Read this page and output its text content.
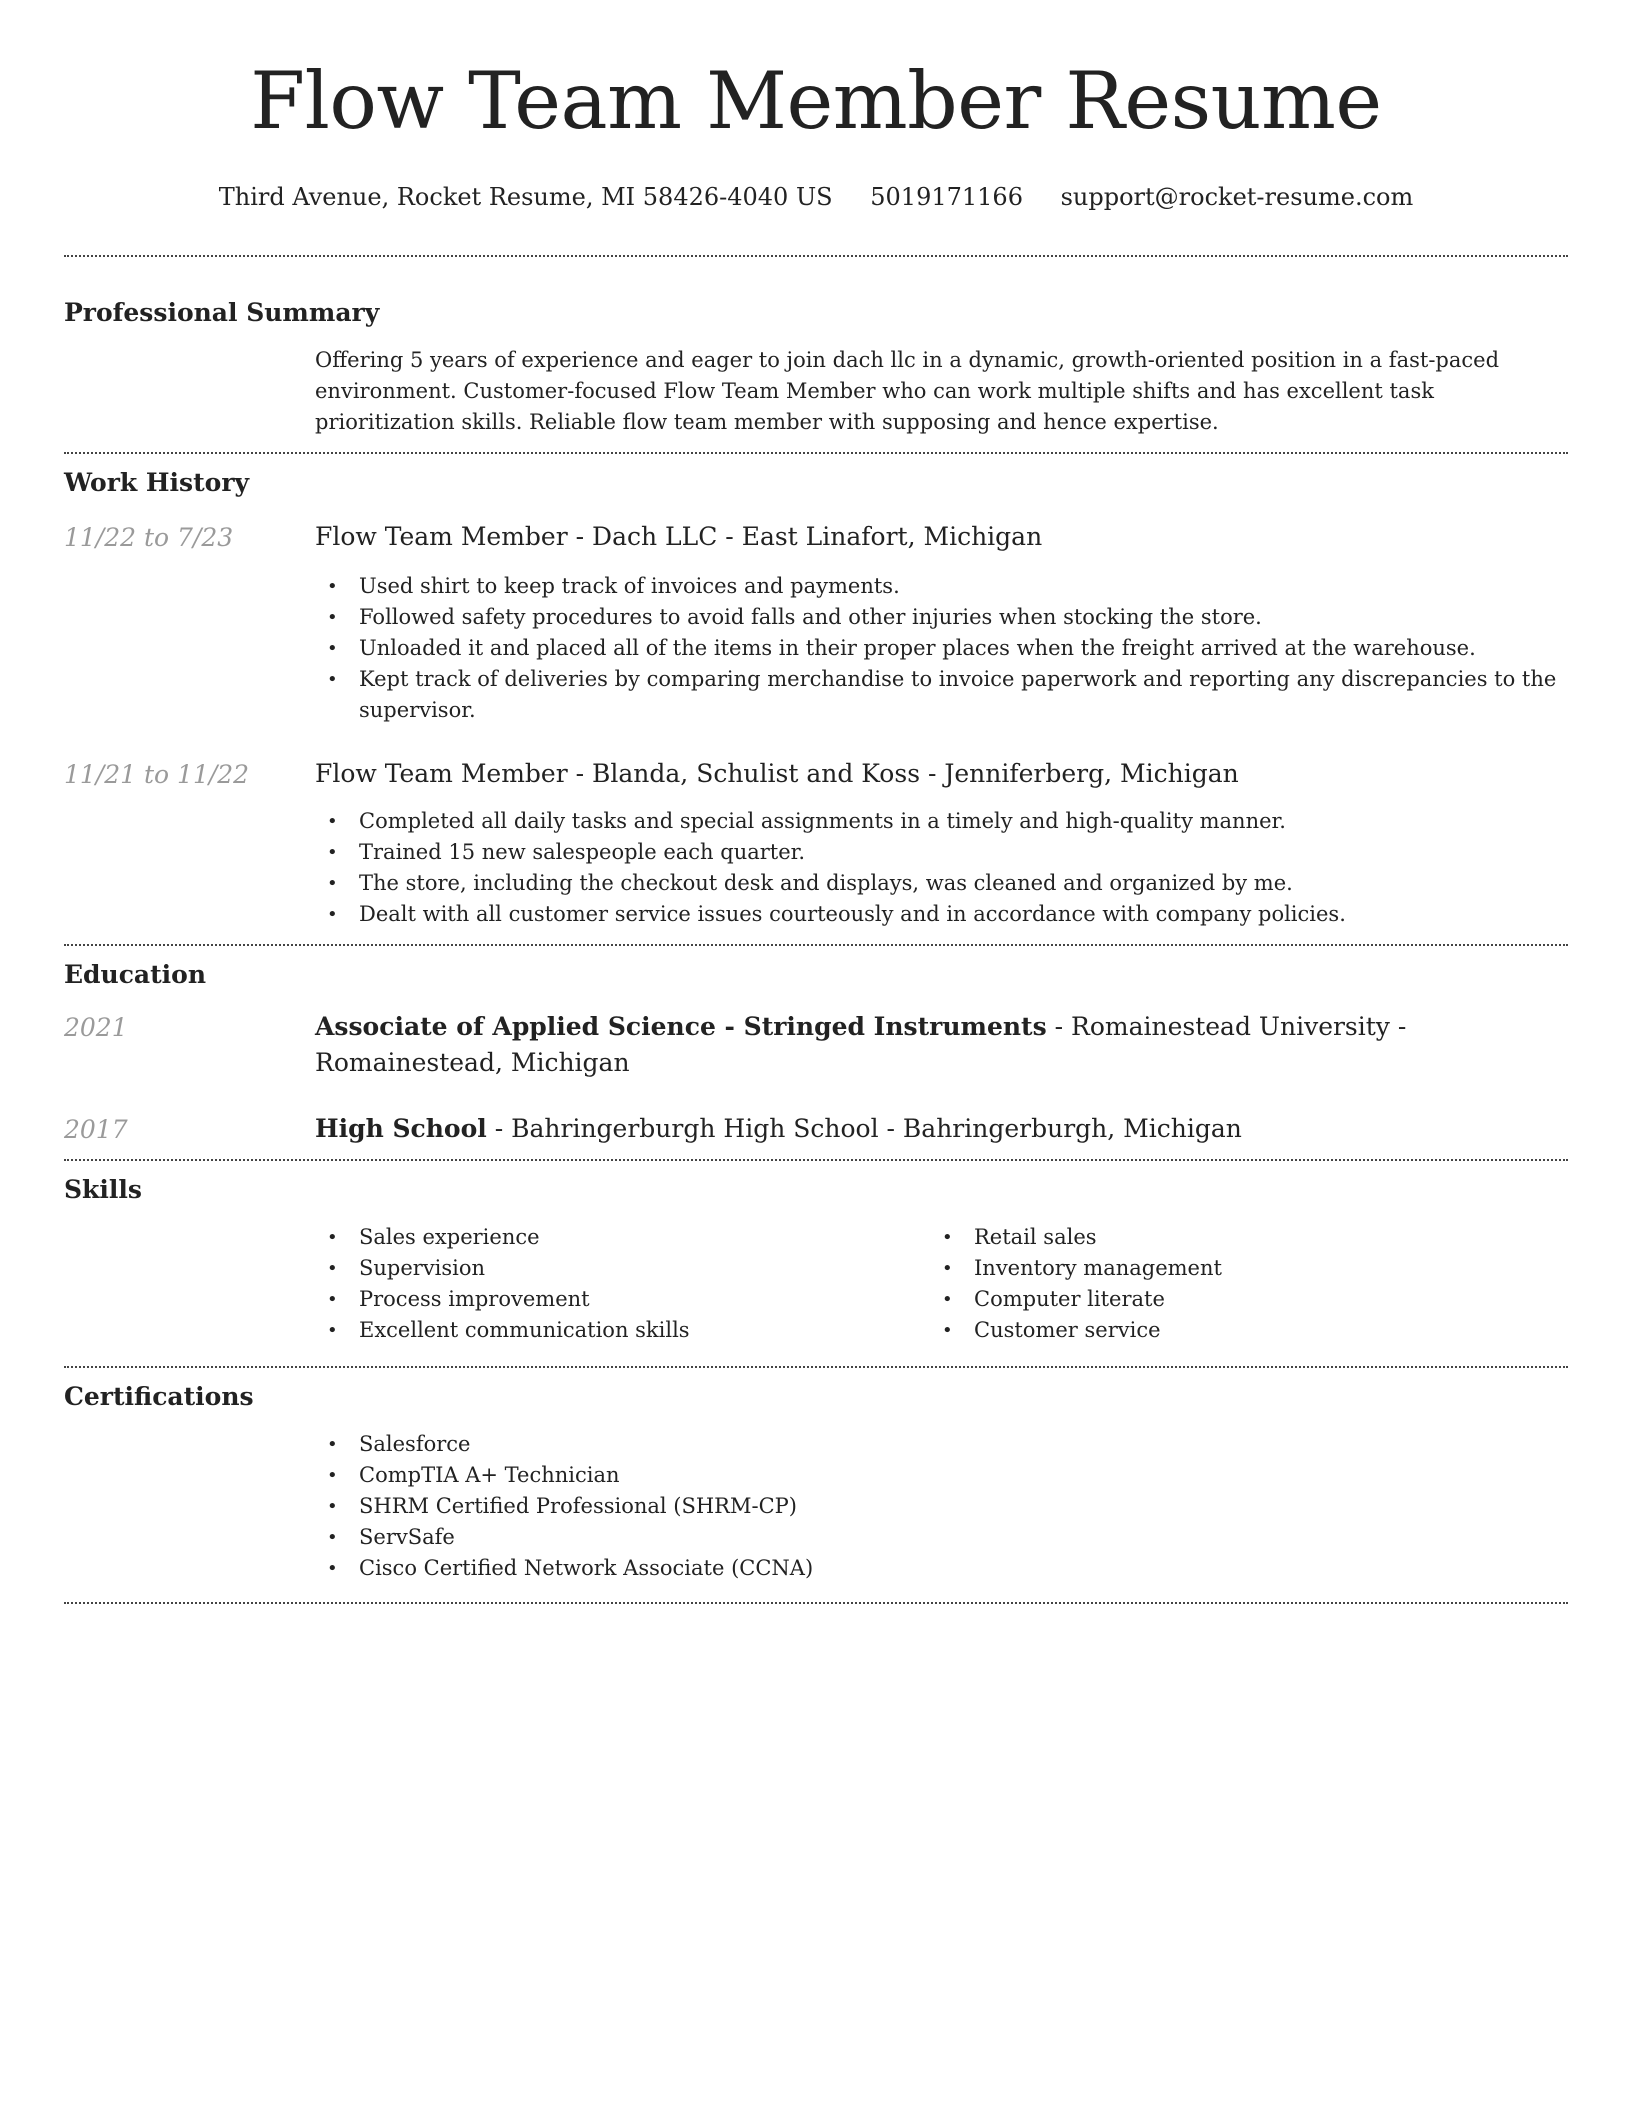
Flow Team Member Resume
Third Avenue, Rocket Resume, MI 58426-4040 US 5019171166 support@rocket-resume.com
Professional Summary

Offering 5 years of experience and eager to join dach llc in a dynamic, growth-oriented position in a fast-paced environment. Customer-focused Flow Team Member who can work multiple shifts and has excellent task prioritization skills. Reliable flow team member with supposing and hence expertise.

Work History
11/22 to 7/23	Flow Team Member - Dach LLC - East Linafort, Michigan
• Used shirt to keep track of invoices and payments.
• Followed safety procedures to avoid falls and other injuries when stocking the store.
• Unloaded it and placed all of the items in their proper places when the freight arrived at the warehouse.
• Kept track of deliveries by comparing merchandise to invoice paperwork and reporting any discrepancies to the supervisor.
11/21 to 11/22	Flow Team Member - Blanda, Schulist and Koss - Jenniferberg, Michigan
• Completed all daily tasks and special assignments in a timely and high-quality manner.
• Trained 15 new salespeople each quarter.
• The store, including the checkout desk and displays, was cleaned and organized by me.
• Dealt with all customer service issues courteously and in accordance with company policies.
Education
2021	Associate of Applied Science - Stringed Instruments - Romainestead University - Romainestead, Michigan
2017	High School - Bahringerburgh High School - Bahringerburgh, Michigan
Skills
• Sales experience
• Supervision
• Process improvement
• Excellent communication skills
• Retail sales
• Inventory management
• Computer literate
• Customer service
Certifications
• Salesforce
• CompTIA A+ Technician
• SHRM Certified Professional (SHRM-CP)
• ServSafe
• Cisco Certified Network Associate (CCNA)
